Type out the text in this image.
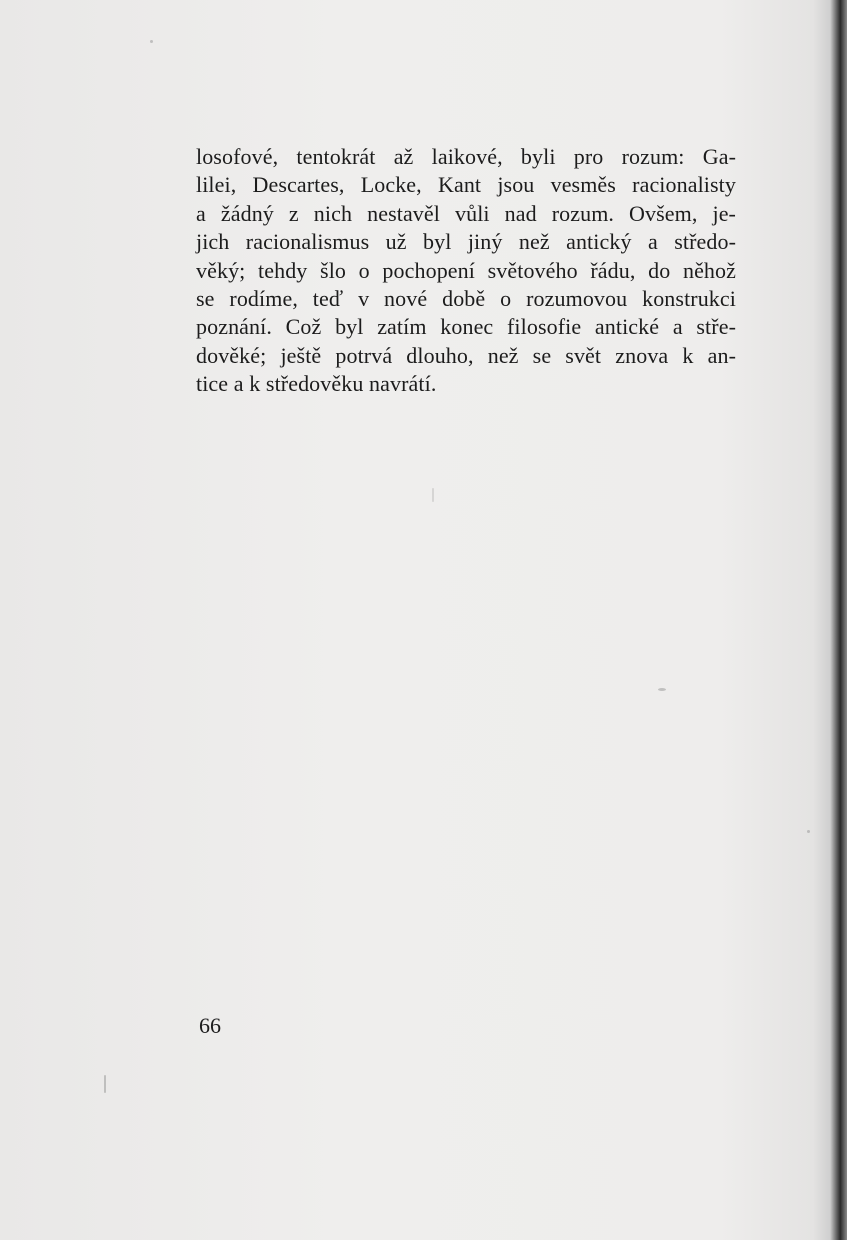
losofové, tentokrát až laikové, byli pro rozum: Ga-
lilei, Descartes, Locke, Kant jsou vesměs racionalisty
a žádný z nich nestavěl vůli nad rozum. Ovšem, je-
jich racionalismus už byl jiný než antický a středo-
věký; tehdy šlo o pochopení světového řádu, do něhož
se rodíme, teď v nové době o rozumovou konstrukci
poznání. Což byl zatím konec filosofie antické a stře-
dověké; ještě potrvá dlouho, než se svět znova k an-
tice a k středověku navrátí.
66
